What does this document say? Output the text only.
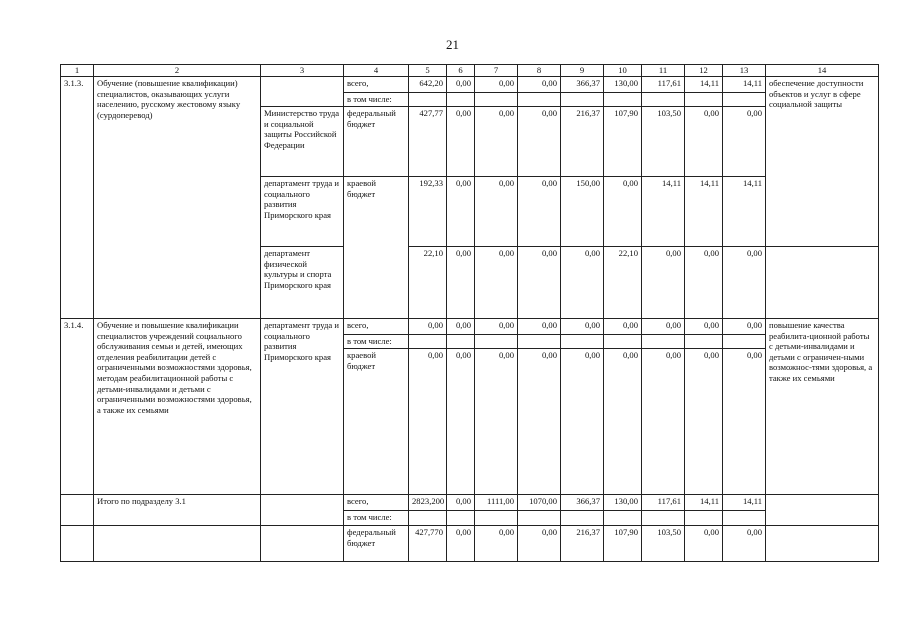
21
1	2	3	4	5	6	7	8	9	10	11	12	13	14
3.1.3.	Обучение (повышение квалификации) специалистов, оказывающих услуги населению, русскому жестовому языку (сурдоперевод)		всего,	642,20	0,00	0,00	0,00	366,37	130,00	117,61	14,11	14,11	обеспечение доступности объектов и услуг в сфере социальной защиты
			в том числе:										
		Министерство труда и социальной защиты Российской Федерации	федеральный бюджет	427,77	0,00	0,00	0,00	216,37	107,90	103,50	0,00	0,00	
		департамент труда и социального развития Приморского края	краевой бюджет	192,33	0,00	0,00	0,00	150,00	0,00	14,11	14,11	14,11	
		департамент физической культуры и спорта Приморского края		22,10	0,00	0,00	0,00	0,00	22,10	0,00	0,00	0,00	
3.1.4.	Обучение и повышение квалификации специалистов учреждений социального обслуживания семьи и детей, имеющих отделения реабилитации детей с ограниченными возможностями здоровья, методам реабилитационной работы с детьми-инвалидами и детьми с ограниченными возможностями здоровья, а также их семьями	департамент труда и социального развития Приморского края	всего,	0,00	0,00	0,00	0,00	0,00	0,00	0,00	0,00	0,00	повышение качества реабилита-ционной работы с детьми-инвалидами и детьми с ограничен-ными возможнос-тями здоровья, а также их семьями
			в том числе:										
			краевой бюджет	0,00	0,00	0,00	0,00	0,00	0,00	0,00	0,00	0,00	
	Итого по подразделу 3.1		всего,	2823,200	0,00	1111,00	1070,00	366,37	130,00	117,61	14,11	14,11	
			в том числе:										
			федеральный бюджет	427,770	0,00	0,00	0,00	216,37	107,90	103,50	0,00	0,00	
